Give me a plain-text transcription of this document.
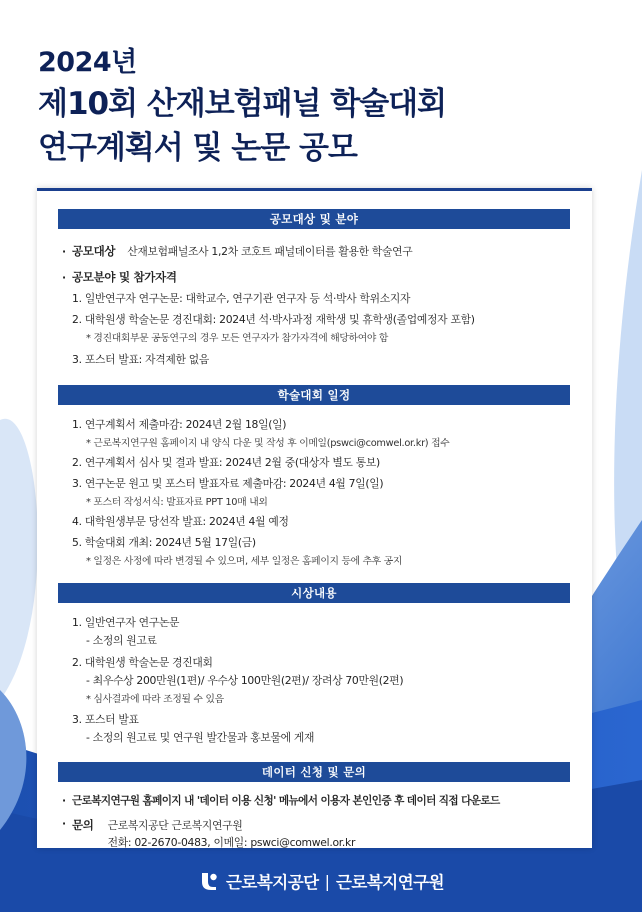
2024년
제10회 산재보험패널 학술대회
연구계획서 및 논문 공모
공모대상 및 분야
· 공모대상 산재보험패널조사 1,2차 코호트 패널데이터를 활용한 학술연구
· 공모분야 및 참가자격
1. 일반연구자 연구논문: 대학교수, 연구기관 연구자 등 석·박사 학위소지자
2. 대학원생 학술논문 경진대회: 2024년 석·박사과정 재학생 및 휴학생(졸업예정자 포함)
* 경진대회부문 공동연구의 경우 모든 연구자가 참가자격에 해당하여야 함
3. 포스터 발표: 자격제한 없음
학술대회 일정
1. 연구계획서 제출마감: 2024년 2월 18일(일)
* 근로복지연구원 홈페이지 내 양식 다운 및 작성 후 이메일(pswci@comwel.or.kr) 접수
2. 연구계획서 심사 및 결과 발표: 2024년 2월 중(대상자 별도 통보)
3. 연구논문 원고 및 포스터 발표자료 제출마감: 2024년 4월 7일(일)
* 포스터 작성서식: 발표자료 PPT 10매 내외
4. 대학원생부문 당선작 발표: 2024년 4월 예정
5. 학술대회 개최: 2024년 5월 17일(금)
* 일정은 사정에 따라 변경될 수 있으며, 세부 일정은 홈페이지 등에 추후 공지
시상내용
1. 일반연구자 연구논문
- 소정의 원고료
2. 대학원생 학술논문 경진대회
- 최우수상 200만원(1편)/ 우수상 100만원(2편)/ 장려상 70만원(2편)
* 심사결과에 따라 조정될 수 있음
3. 포스터 발표
- 소정의 원고료 및 연구원 발간물과 홍보물에 게재
데이터 신청 및 문의
· 근로복지연구원 홈페이지 내 '데이터 이용 신청' 메뉴에서 이용자 본인인증 후 데이터 직접 다운로드
· 문의 근로복지공단 근로복지연구원
전화: 02-2670-0483, 이메일: pswci@comwel.or.kr
근로복지공단 | 근로복지연구원
